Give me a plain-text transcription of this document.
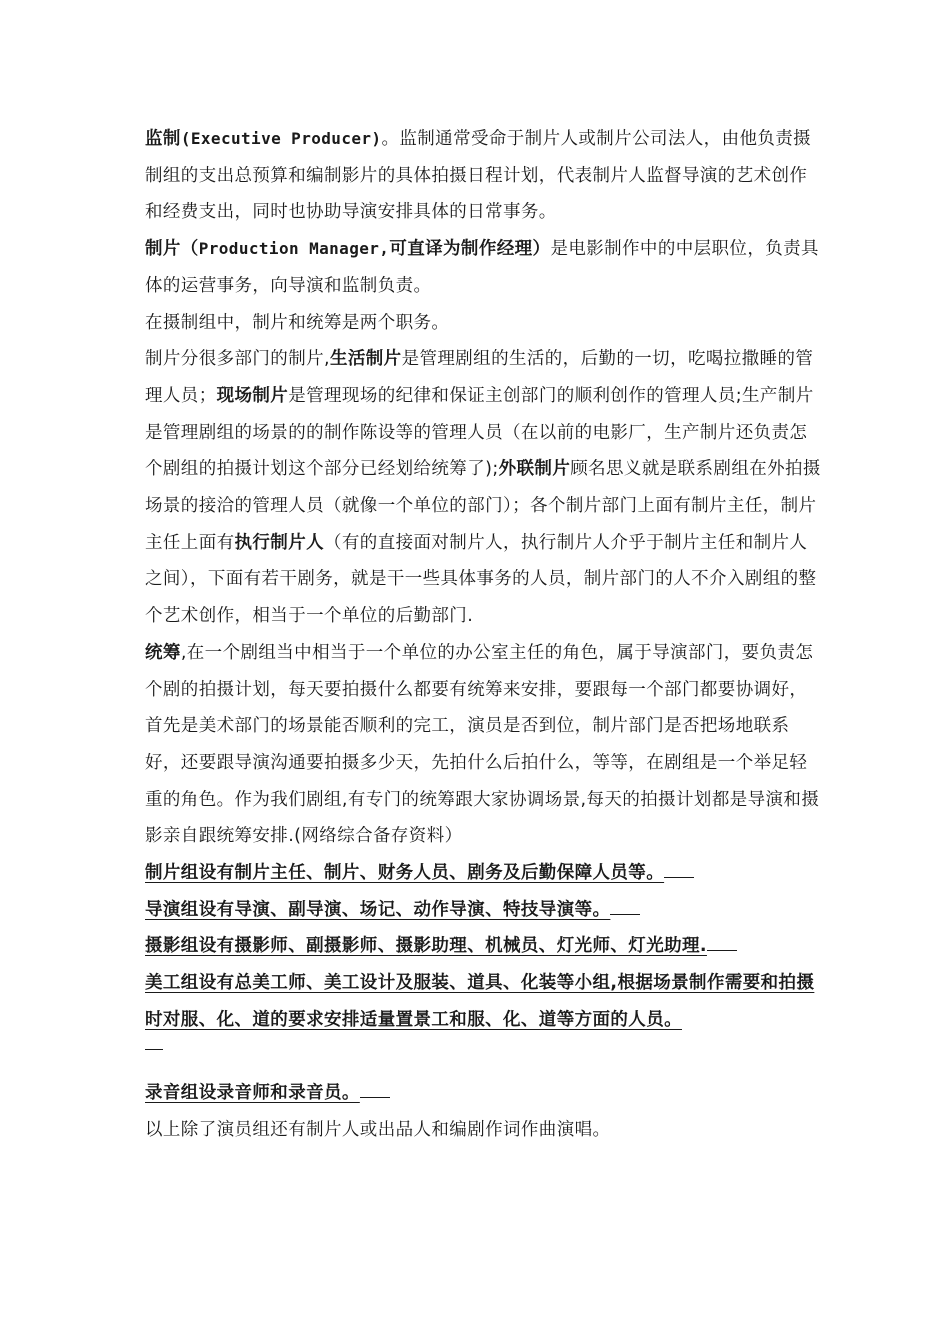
监制(Executive Producer)。监制通常受命于制片人或制片公司法人，由他负责摄制组的支出总预算和编制影片的具体拍摄日程计划，代表制片人监督导演的艺术创作和经费支出，同时也协助导演安排具体的日常事务。

制片（Production Manager,可直译为制作经理）是电影制作中的中层职位，负责具体的运营事务，向导演和监制负责。

在摄制组中，制片和统筹是两个职务。

制片分很多部门的制片,生活制片是管理剧组的生活的，后勤的一切，吃喝拉撒睡的管理人员；现场制片是管理现场的纪律和保证主创部门的顺利创作的管理人员;生产制片是管理剧组的场景的的制作陈设等的管理人员（在以前的电影厂，生产制片还负责怎个剧组的拍摄计划这个部分已经划给统筹了);外联制片顾名思义就是联系剧组在外拍摄场景的接洽的管理人员（就像一个单位的部门）；各个制片部门上面有制片主任，制片主任上面有执行制片人（有的直接面对制片人，执行制片人介乎于制片主任和制片人之间），下面有若干剧务，就是干一些具体事务的人员，制片部门的人不介入剧组的整个艺术创作，相当于一个单位的后勤部门.

统筹,在一个剧组当中相当于一个单位的办公室主任的角色，属于导演部门，要负责怎个剧的拍摄计划，每天要拍摄什么都要有统筹来安排，要跟每一个部门都要协调好，首先是美术部门的场景能否顺利的完工，演员是否到位，制片部门是否把场地联系好，还要跟导演沟通要拍摄多少天，先拍什么后拍什么，等等，在剧组是一个举足轻重的角色。作为我们剧组,有专门的统筹跟大家协调场景,每天的拍摄计划都是导演和摄影亲自跟统筹安排.(网络综合备存资料）

制片组设有制片主任、制片、财务人员、剧务及后勤保障人员等。

导演组设有导演、副导演、场记、动作导演、特技导演等。

摄影组设有摄影师、副摄影师、摄影助理、机械员、灯光师、灯光助理.

美工组设有总美工师、美工设计及服装、道具、化装等小组,根据场景制作需要和拍摄时对服、化、道的要求安排适量置景工和服、化、道等方面的人员。

录音组设录音师和录音员。

以上除了演员组还有制片人或出品人和编剧作词作曲演唱。
